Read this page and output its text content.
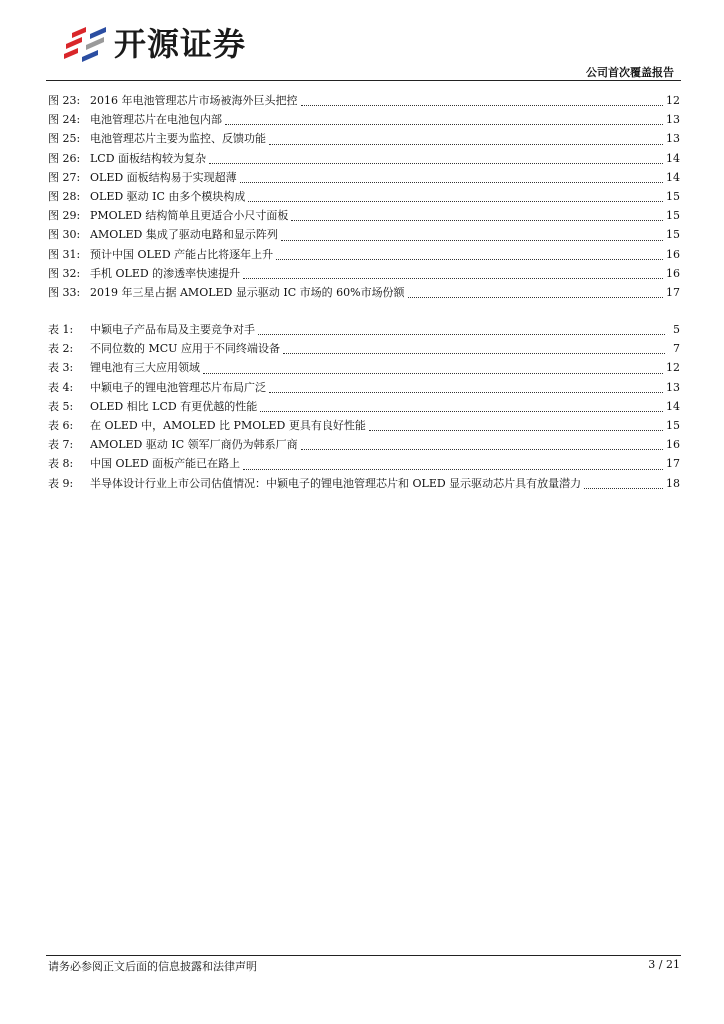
开源证券
公司首次覆盖报告
图 23: 2016 年电池管理芯片市场被海外巨头把控	12
图 24: 电池管理芯片在电池包内部	13
图 25: 电池管理芯片主要为监控、反馈功能	13
图 26: LCD 面板结构较为复杂	14
图 27: OLED 面板结构易于实现超薄	14
图 28: OLED 驱动 IC 由多个模块构成	15
图 29: PMOLED 结构简单且更适合小尺寸面板	15
图 30: AMOLED 集成了驱动电路和显示阵列	15
图 31: 预计中国 OLED 产能占比将逐年上升	16
图 32: 手机 OLED 的渗透率快速提升	16
图 33: 2019 年三星占据 AMOLED 显示驱动 IC 市场的 60%市场份额	17
表 1:	中颖电子产品布局及主要竞争对手	5
表 2:	不同位数的 MCU 应用于不同终端设备	7
表 3:	锂电池有三大应用领域	12
表 4:	中颖电子的锂电池管理芯片布局广泛	13
表 5:	OLED 相比 LCD 有更优越的性能	14
表 6:	在 OLED 中，AMOLED 比 PMOLED 更具有良好性能	15
表 7:	AMOLED 驱动 IC 领军厂商仍为韩系厂商	16
表 8:	中国 OLED 面板产能已在路上	17
表 9:	半导体设计行业上市公司估值情况：中颖电子的锂电池管理芯片和 OLED 显示驱动芯片具有放量潜力	18
请务必参阅正文后面的信息披露和法律声明	3 / 21
